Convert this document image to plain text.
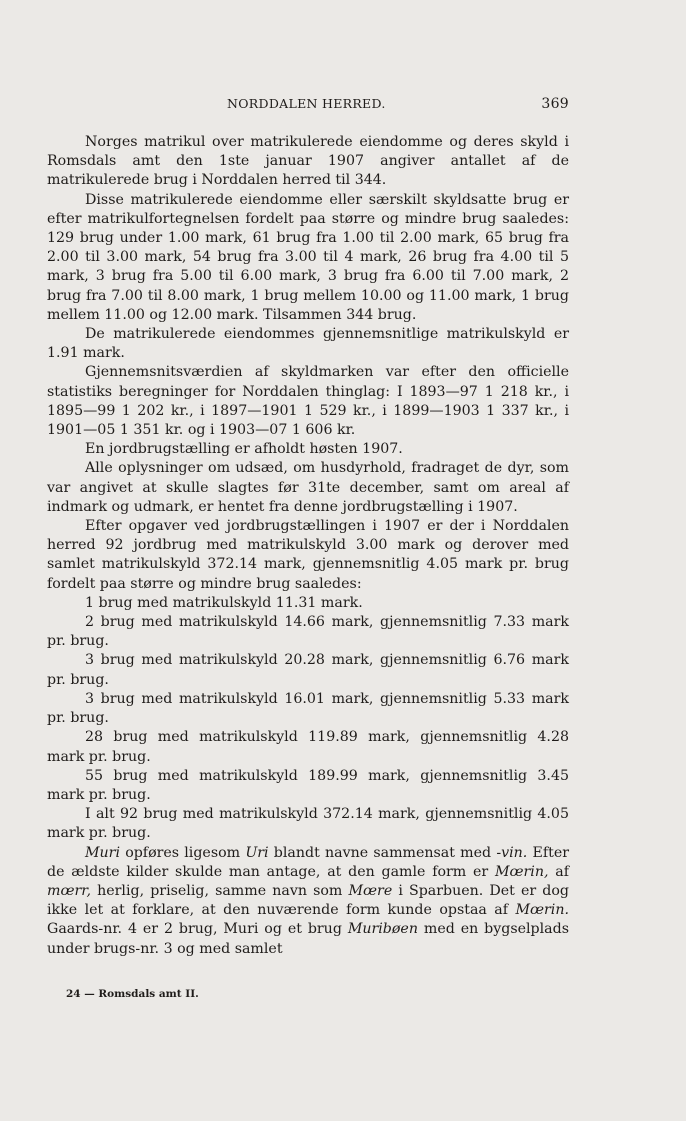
NORDDALEN HERRED.	369

Norges matrikul over matrikulerede eiendomme og deres skyld i Romsdals amt den 1ste januar 1907 angiver antallet af de matrikulerede brug i Norddalen herred til 344.

Disse matrikulerede eiendomme eller særskilt skyldsatte brug er efter matrikulfortegnelsen fordelt paa større og mindre brug saaledes: 129 brug under 1.00 mark, 61 brug fra 1.00 til 2.00 mark, 65 brug fra 2.00 til 3.00 mark, 54 brug fra 3.00 til 4 mark, 26 brug fra 4.00 til 5 mark, 3 brug fra 5.00 til 6.00 mark, 3 brug fra 6.00 til 7.00 mark, 2 brug fra 7.00 til 8.00 mark, 1 brug mellem 10.00 og 11.00 mark, 1 brug mellem 11.00 og 12.00 mark. Tilsammen 344 brug.

De matrikulerede eiendommes gjennemsnitlige matrikulskyld er 1.91 mark.

Gjennemsnitsværdien af skyldmarken var efter den officielle statistiks beregninger for Norddalen thinglag: I 1893—97 1 218 kr., i 1895—99 1 202 kr., i 1897—1901 1 529 kr., i 1899—1903 1 337 kr., i 1901—05 1 351 kr. og i 1903—07 1 606 kr.

En jordbrugstælling er afholdt høsten 1907.

Alle oplysninger om udsæd, om husdyrhold, fradraget de dyr, som var angivet at skulle slagtes før 31te december, samt om areal af indmark og udmark, er hentet fra denne jordbrugstælling i 1907.

Efter opgaver ved jordbrugstællingen i 1907 er der i Norddalen herred 92 jordbrug med matrikulskyld 3.00 mark og derover med samlet matrikulskyld 372.14 mark, gjennemsnitlig 4.05 mark pr. brug fordelt paa større og mindre brug saaledes:

1 brug med matrikulskyld 11.31 mark.

2 brug med matrikulskyld 14.66 mark, gjennemsnitlig 7.33 mark pr. brug.

3 brug med matrikulskyld 20.28 mark, gjennemsnitlig 6.76 mark pr. brug.

3 brug med matrikulskyld 16.01 mark, gjennemsnitlig 5.33 mark pr. brug.

28 brug med matrikulskyld 119.89 mark, gjennemsnitlig 4.28 mark pr. brug.

55 brug med matrikulskyld 189.99 mark, gjennemsnitlig 3.45 mark pr. brug.

I alt 92 brug med matrikulskyld 372.14 mark, gjennemsnitlig 4.05 mark pr. brug.

Muri opføres ligesom Uri blandt navne sammensat med -vin. Efter de ældste kilder skulde man antage, at den gamle form er Mœrin, af mœrr, herlig, priselig, samme navn som Mœre i Sparbuen. Det er dog ikke let at forklare, at den nuværende form kunde opstaa af Mœrin. Gaards-nr. 4 er 2 brug, Muri og et brug Muribøen med en bygselplads under brugs-nr. 3 og med samlet

24 — Romsdals amt II.
